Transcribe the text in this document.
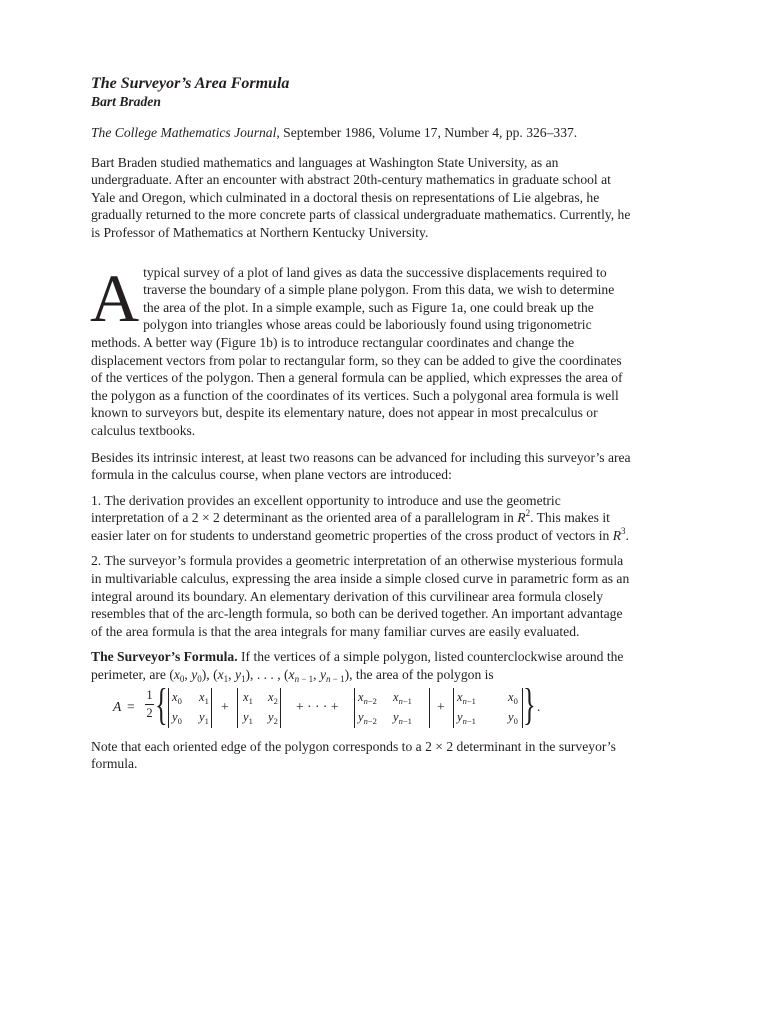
The Surveyor’s Area Formula
Bart Braden

The College Mathematics Journal, September 1986, Volume 17, Number 4, pp. 326–337.

Bart Braden studied mathematics and languages at Washington State University, as an undergraduate. After an encounter with abstract 20th-century mathematics in graduate school at Yale and Oregon, which culminated in a doctoral thesis on representations of Lie algebras, he gradually returned to the more concrete parts of classical undergraduate mathematics. Currently, he is Professor of Mathematics at Northern Kentucky University.

A typical survey of a plot of land gives as data the successive displacements required to traverse the boundary of a simple plane polygon. From this data, we wish to determine the area of the plot. In a simple example, such as Figure 1a, one could break up the polygon into triangles whose areas could be laboriously found using trigonometric methods. A better way (Figure 1b) is to introduce rectangular coordinates and change the displacement vectors from polar to rectangular form, so they can be added to give the coordinates of the vertices of the polygon. Then a general formula can be applied, which expresses the area of the polygon as a function of the coordinates of its vertices. Such a polygonal area formula is well known to surveyors but, despite its elementary nature, does not appear in most precalculus or calculus textbooks.

Besides its intrinsic interest, at least two reasons can be advanced for including this surveyor’s area formula in the calculus course, when plane vectors are introduced:

1. The derivation provides an excellent opportunity to introduce and use the geometric interpretation of a 2 × 2 determinant as the oriented area of a parallelogram in $R^2$. This makes it easier later on for students to understand geometric properties of the cross product of vectors in $R^3$.

2. The surveyor’s formula provides a geometric interpretation of an otherwise mysterious formula in multivariable calculus, expressing the area inside a simple closed curve in parametric form as an integral around its boundary. An elementary derivation of this curvilinear area formula closely resembles that of the arc-length formula, so both can be derived together. An important advantage of the area formula is that the area integrals for many familiar curves are easily evaluated.

The Surveyor’s Formula. If the vertices of a simple polygon, listed counterclockwise around the perimeter, are ($x_0$, $y_0$), ($x_1$, $y_1$), . . . , ($x_{n - 1}$, $y_{n - 1}$), the area of the polygon is

A =
1
2 { $x_0$ $x_1$
$y_0$ $y_1$
+
$x_1$ $x_2$
$y_1$ $y_2$
+ · · · +
$x_{n-2}$ $x_{n-1}$
$y_{n-2}$ $y_{n-1}$
+
$x_{n-1}$	$x_0$
$y_{n-1}$	$y_0$ } .

Note that each oriented edge of the polygon corresponds to a 2 × 2 determinant in the surveyor’s formula.
